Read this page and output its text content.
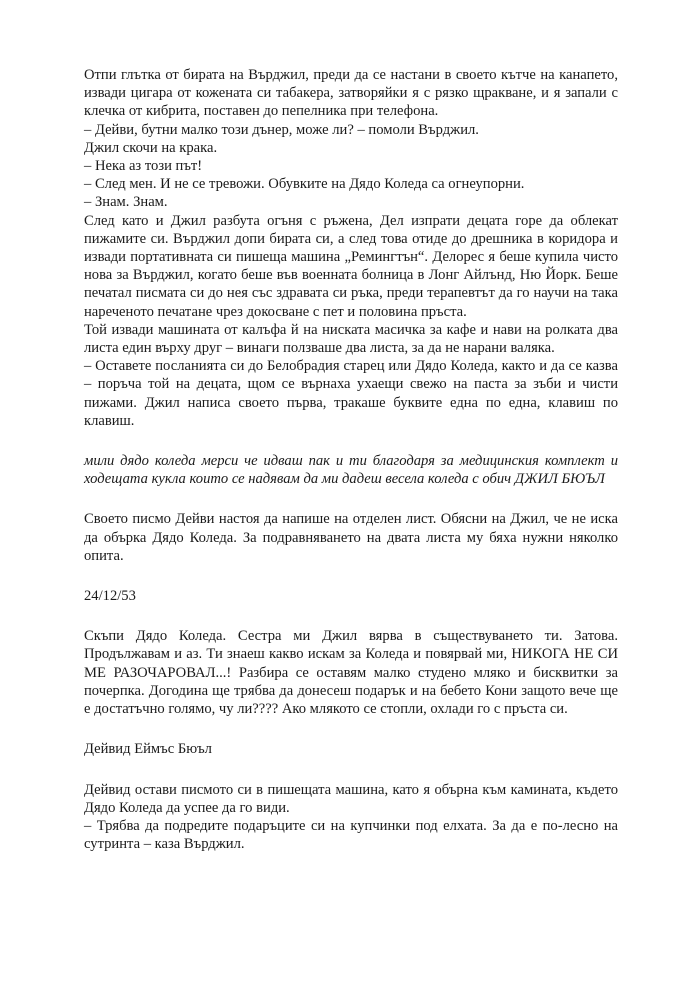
Отпи глътка от бирата на Върджил, преди да се настани в своето кътче на канапето, извади цигара от кожената си табакера, затворяйки я с рязко щракване, и я запали с клечка от кибрита, поставен до пепелника при телефона.

– Дейви, бутни малко този дънер, може ли? – помоли Върджил.

Джил скочи на крака.

– Нека аз този път!

– След мен. И не се тревожи. Обувките на Дядо Коледа са огнеупорни.

– Знам. Знам.

След като и Джил разбута огъня с ръжена, Дел изпрати децата горе да облекат пижамите си. Върджил допи бирата си, а след това отиде до дрешника в коридора и извади портативната си пишеща машина „Ремингтън“. Делорес я беше купила чисто нова за Върджил, когато беше във военната болница в Лонг Айлънд, Ню Йорк. Беше печатал писмата си до нея със здравата си ръка, преди терапевтът да го научи на така нареченото печатане чрез докосване с пет и половина пръста.

Той извади машината от калъфа й на ниската масичка за кафе и нави на ролката два листа един върху друг – винаги ползваше два листа, за да не нарани валяка.

– Оставете посланията си до Белобрадия старец или Дядо Коледа, както и да се казва – поръча той на децата, щом се върнаха ухаещи свежо на паста за зъби и чисти пижами. Джил написа своето първа, тракаше буквите една по една, клавиш по клавиш.

мили дядо коледа мерси че идваш пак и ти благодаря за медицинския комплект и ходещата кукла които се надявам да ми дадеш весела коледа с обич ДЖИЛ БЮЪЛ

Своето писмо Дейви настоя да напише на отделен лист. Обясни на Джил, че не иска да обърка Дядо Коледа. За подравняването на двата листа му бяха нужни няколко опита.

24/12/53

Скъпи Дядо Коледа. Сестра ми Джил вярва в съществуването ти. Затова. Продължавам и аз. Ти знаеш какво искам за Коледа и повярвай ми, НИКОГА НЕ СИ МЕ РАЗОЧАРОВАЛ...! Разбира се оставям малко студено мляко и бисквитки за почерпка. Догодина ще трябва да донесеш подарък и на бебето Кони защото вече ще е достатъчно голямо, чу ли???? Ако млякото се стопли, охлади го с пръста си.

Дейвид Еймъс Бюъл

Дейвид остави писмото си в пишещата машина, като я обърна към камината, където Дядо Коледа да успее да го види.

– Трябва да подредите подаръците си на купчинки под елхата. За да е по-лесно на сутринта – каза Върджил.
